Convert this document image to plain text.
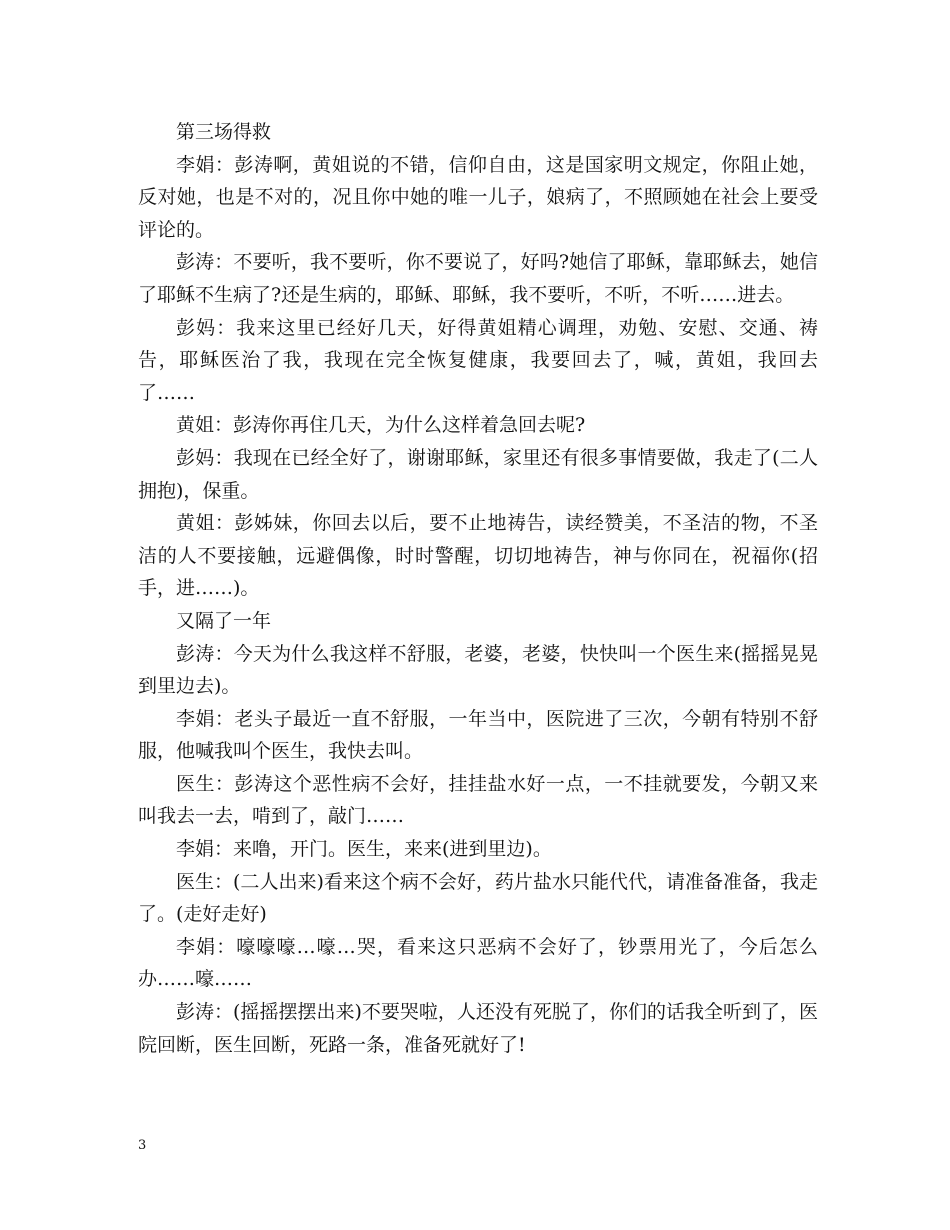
第三场得救

李娟：彭涛啊，黄姐说的不错，信仰自由，这是国家明文规定，你阻止她，反对她，也是不对的，况且你中她的唯一儿子，娘病了，不照顾她在社会上要受评论的。

彭涛：不要听，我不要听，你不要说了，好吗?她信了耶稣，靠耶稣去，她信了耶稣不生病了?还是生病的，耶稣、耶稣，我不要听，不听，不听……进去。

彭妈：我来这里已经好几天，好得黄姐精心调理，劝勉、安慰、交通、祷告，耶稣医治了我，我现在完全恢复健康，我要回去了，喊，黄姐，我回去了……

黄姐：彭涛你再住几天，为什么这样着急回去呢?

彭妈：我现在已经全好了，谢谢耶稣，家里还有很多事情要做，我走了(二人拥抱)，保重。

黄姐：彭姊妹，你回去以后，要不止地祷告，读经赞美，不圣洁的物，不圣洁的人不要接触，远避偶像，时时警醒，切切地祷告，神与你同在，祝福你(招手，进……)。

又隔了一年

彭涛：今天为什么我这样不舒服，老婆，老婆，快快叫一个医生来(摇摇晃晃到里边去)。

李娟：老头子最近一直不舒服，一年当中，医院进了三次，今朝有特别不舒服，他喊我叫个医生，我快去叫。

医生：彭涛这个恶性病不会好，挂挂盐水好一点，一不挂就要发，今朝又来叫我去一去，啃到了，敲门……

李娟：来噜，开门。医生，来来(进到里边)。

医生：(二人出来)看来这个病不会好，药片盐水只能代代，请准备准备，我走了。(走好走好)

李娟：嚎嚎嚎…嚎…哭，看来这只恶病不会好了，钞票用光了，今后怎么办……嚎……

彭涛：(摇摇摆摆出来)不要哭啦，人还没有死脱了，你们的话我全听到了，医院回断，医生回断，死路一条，准备死就好了!

3
